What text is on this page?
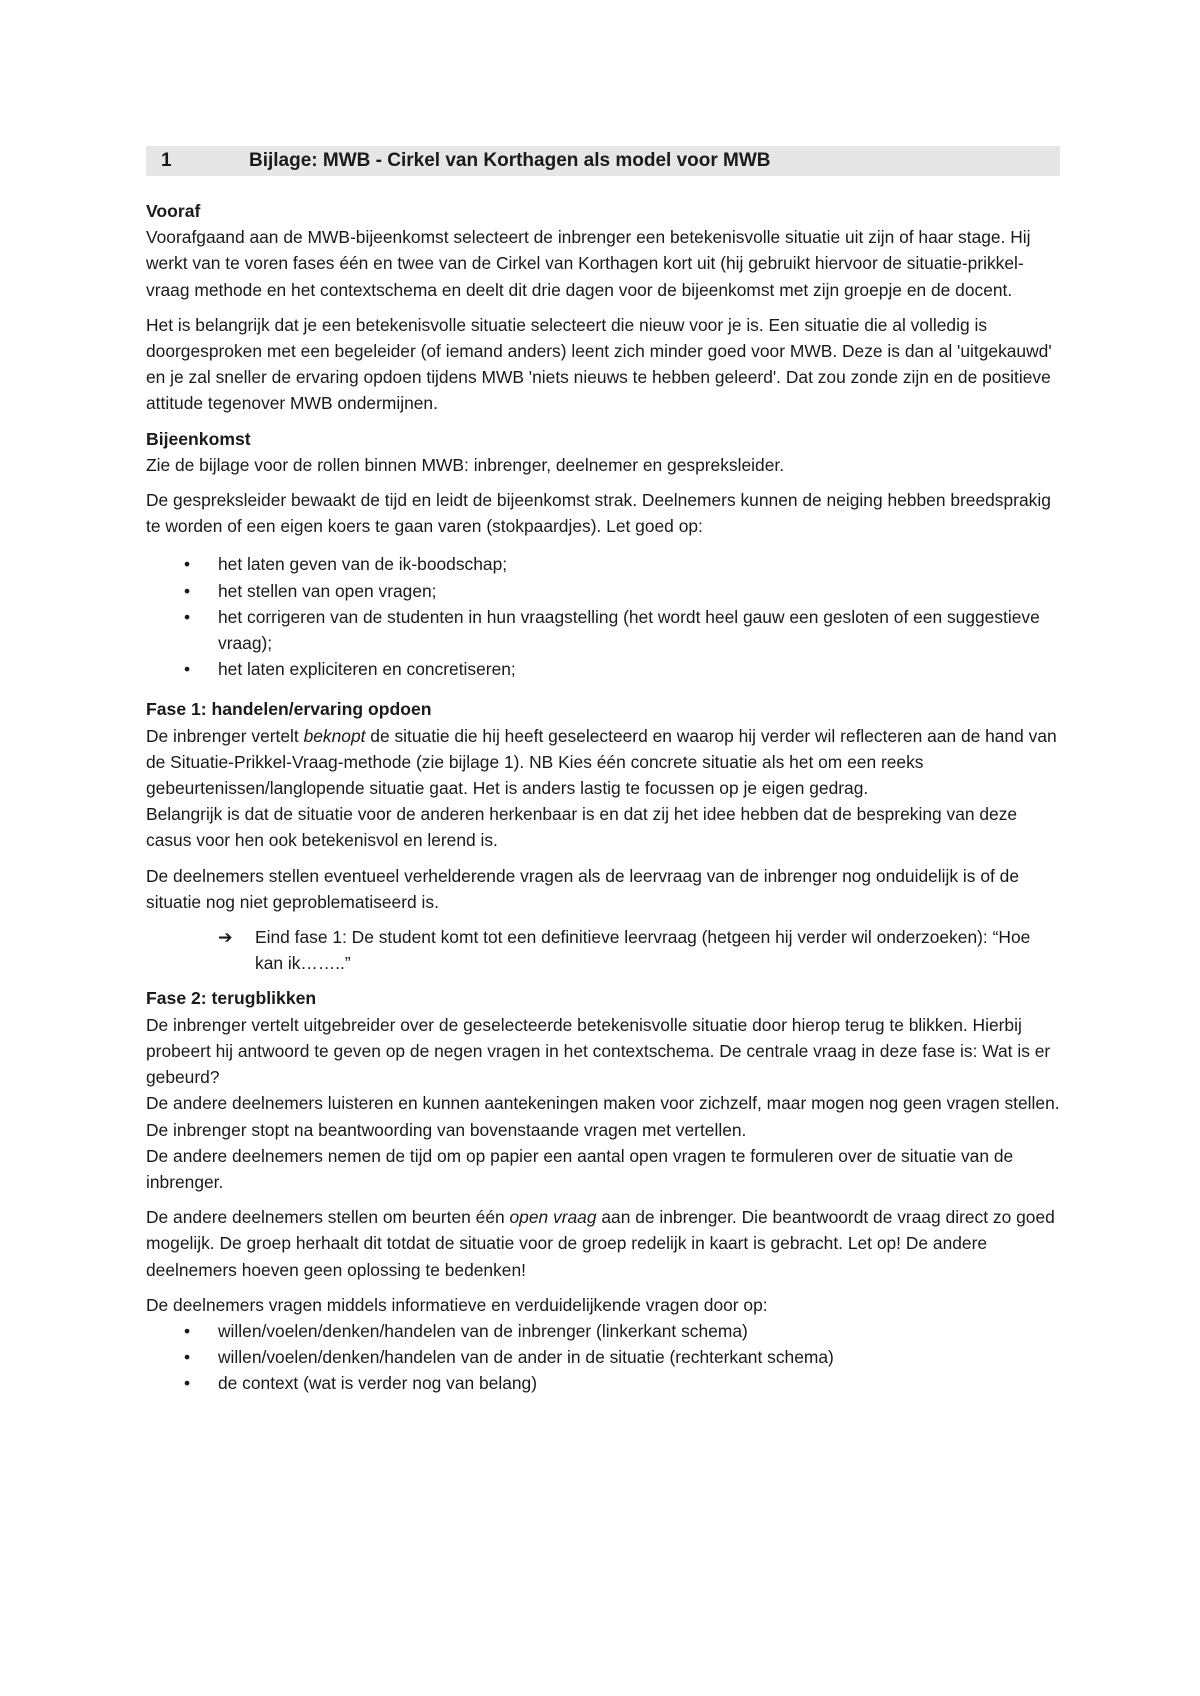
1	Bijlage: MWB - Cirkel van Korthagen als model voor MWB
Vooraf

Voorafgaand aan de MWB-bijeenkomst selecteert de inbrenger een betekenisvolle situatie uit zijn of haar stage. Hij werkt van te voren fases één en twee van de Cirkel van Korthagen kort uit (hij gebruikt hiervoor de situatie-prikkel-vraag methode en het contextschema en deelt dit drie dagen voor de bijeenkomst met zijn groepje en de docent.

Het is belangrijk dat je een betekenisvolle situatie selecteert die nieuw voor je is. Een situatie die al volledig is doorgesproken met een begeleider (of iemand anders) leent zich minder goed voor MWB. Deze is dan al 'uitgekauwd' en je zal sneller de ervaring opdoen tijdens MWB 'niets nieuws te hebben geleerd'. Dat zou zonde zijn en de positieve attitude tegenover MWB ondermijnen.

Bijeenkomst

Zie de bijlage voor de rollen binnen MWB: inbrenger, deelnemer en gespreksleider.

De gespreksleider bewaakt de tijd en leidt de bijeenkomst strak. Deelnemers kunnen de neiging hebben breedsprakig te worden of een eigen koers te gaan varen (stokpaardjes). Let goed op:

• het laten geven van de ik-boodschap;
• het stellen van open vragen;
• het corrigeren van de studenten in hun vraagstelling (het wordt heel gauw een gesloten of een suggestieve vraag);
• het laten expliciteren en concretiseren;
Fase 1: handelen/ervaring opdoen

De inbrenger vertelt beknopt de situatie die hij heeft geselecteerd en waarop hij verder wil reflecteren aan de hand van de Situatie-Prikkel-Vraag-methode (zie bijlage 1). NB Kies één concrete situatie als het om een reeks gebeurtenissen/langlopende situatie gaat. Het is anders lastig te focussen op je eigen gedrag.

Belangrijk is dat de situatie voor de anderen herkenbaar is en dat zij het idee hebben dat de bespreking van deze casus voor hen ook betekenisvol en lerend is.

De deelnemers stellen eventueel verhelderende vragen als de leervraag van de inbrenger nog onduidelijk is of de situatie nog niet geproblematiseerd is.

➔ Eind fase 1: De student komt tot een definitieve leervraag (hetgeen hij verder wil onderzoeken): “Hoe kan ik……..”
Fase 2: terugblikken

De inbrenger vertelt uitgebreider over de geselecteerde betekenisvolle situatie door hierop terug te blikken. Hierbij probeert hij antwoord te geven op de negen vragen in het contextschema. De centrale vraag in deze fase is: Wat is er gebeurd?

De andere deelnemers luisteren en kunnen aantekeningen maken voor zichzelf, maar mogen nog geen vragen stellen.

De inbrenger stopt na beantwoording van bovenstaande vragen met vertellen.

De andere deelnemers nemen de tijd om op papier een aantal open vragen te formuleren over de situatie van de inbrenger.

De andere deelnemers stellen om beurten één open vraag aan de inbrenger. Die beantwoordt de vraag direct zo goed mogelijk. De groep herhaalt dit totdat de situatie voor de groep redelijk in kaart is gebracht. Let op! De andere deelnemers hoeven geen oplossing te bedenken!

De deelnemers vragen middels informatieve en verduidelijkende vragen door op:

• willen/voelen/denken/handelen van de inbrenger (linkerkant schema)
• willen/voelen/denken/handelen van de ander in de situatie (rechterkant schema)
• de context (wat is verder nog van belang)
